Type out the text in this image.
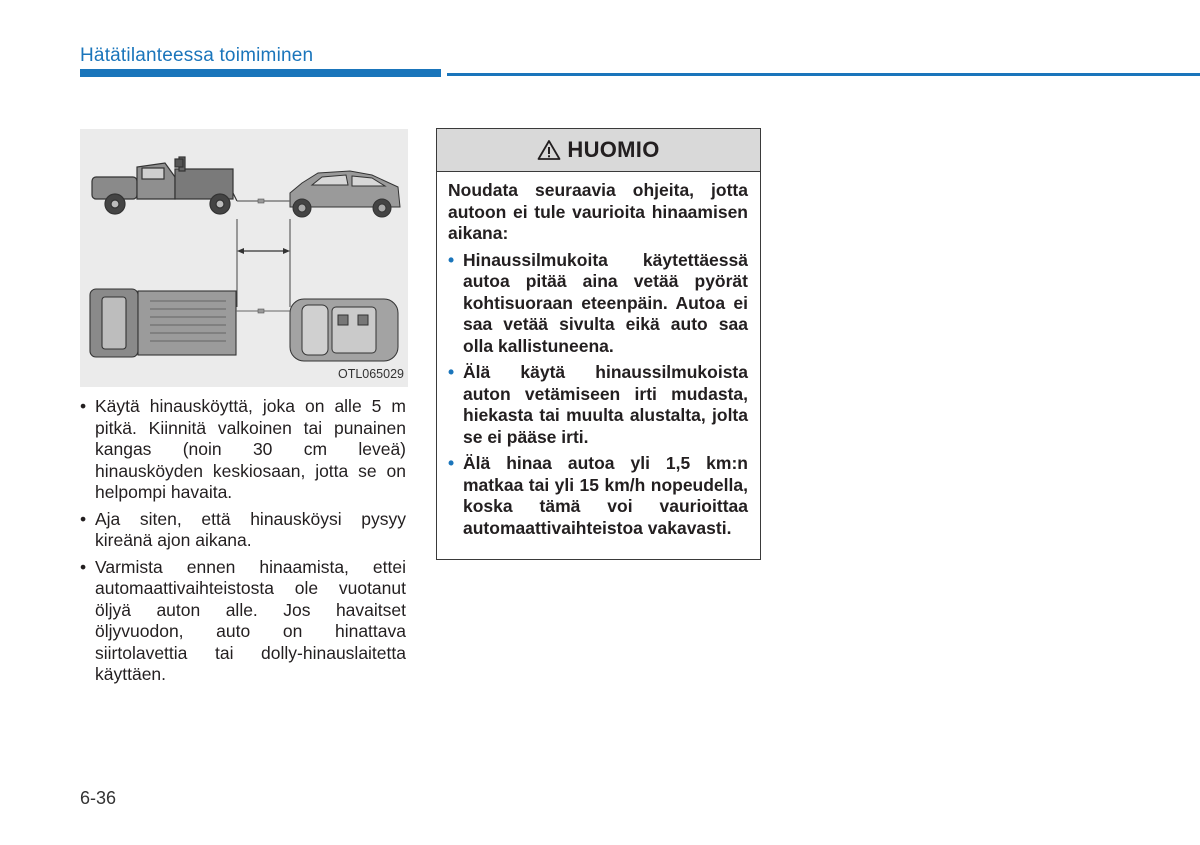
Hätätilanteessa toimiminen
OTL065029
• Käytä hinausköyttä, joka on alle 5 m pitkä. Kiinnitä valkoinen tai punainen kangas (noin 30 cm leveä) hinausköyden keskiosaan, jotta se on helpompi havaita.
• Aja siten, että hinausköysi pysyy kireänä ajon aikana.
• Varmista ennen hinaamista, ettei automaattivaihteistosta ole vuotanut öljyä auton alle. Jos havaitset öljyvuodon, auto on hinattava siirtolavettia tai dolly-hinauslaitetta käyttäen.
HUOMIO

Noudata seuraavia ohjeita, jotta autoon ei tule vaurioita hinaamisen aikana:

• Hinaussilmukoita käytettäessä autoa pitää aina vetää pyörät kohtisuoraan eteenpäin. Autoa ei saa vetää sivulta eikä auto saa olla kallistuneena.
• Älä käytä hinaussilmukoista auton vetämiseen irti mudasta, hiekasta tai muulta alustalta, jolta se ei pääse irti.
• Älä hinaa autoa yli 1,5 km:n matkaa tai yli 15 km/h nopeudella, koska tämä voi vaurioittaa automaattivaihteistoa vakavasti.
6-36
